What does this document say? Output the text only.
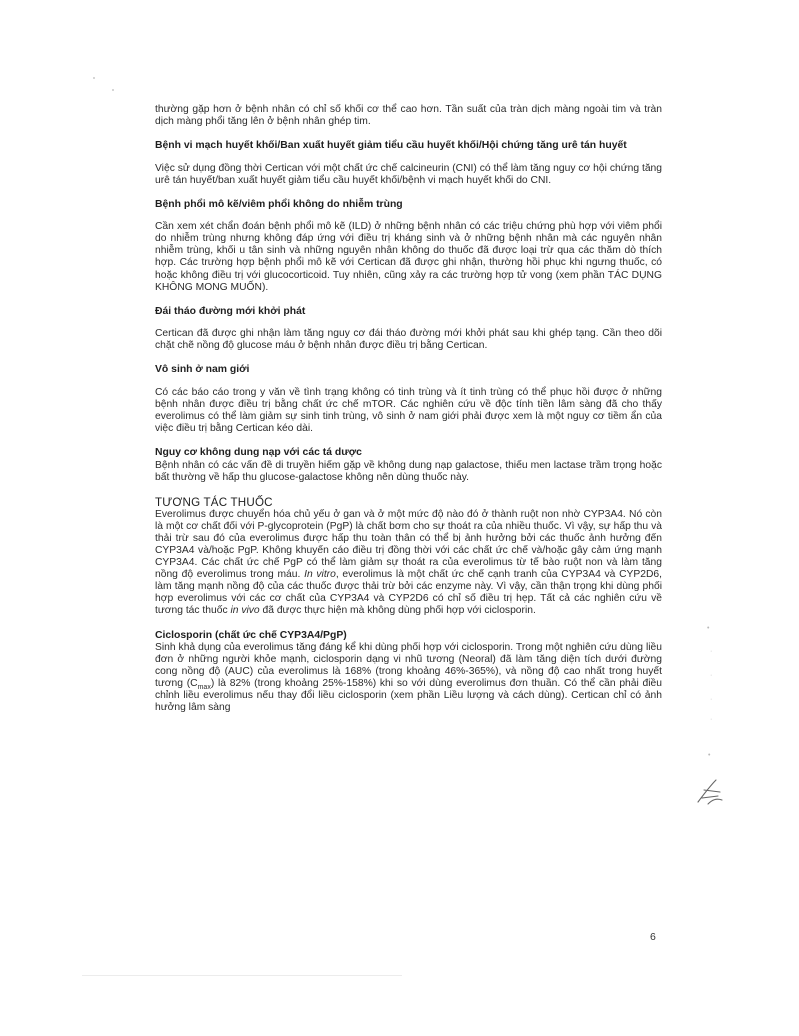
•
·
·
·
·
•

thường gặp hơn ở bệnh nhân có chỉ số khối cơ thể cao hơn. Tần suất của tràn dịch màng ngoài tim và tràn dịch màng phổi tăng lên ở bệnh nhân ghép tim.

Bệnh vi mạch huyết khối/Ban xuất huyết giảm tiểu cầu huyết khối/Hội chứng tăng urê tán huyết

Việc sử dụng đồng thời Certican với một chất ức chế calcineurin (CNI) có thể làm tăng nguy cơ hội chứng tăng urê tán huyết/ban xuất huyết giảm tiểu cầu huyết khối/bệnh vi mạch huyết khối do CNI.

Bệnh phổi mô kẽ/viêm phổi không do nhiễm trùng

Cần xem xét chẩn đoán bệnh phổi mô kẽ (ILD) ở những bệnh nhân có các triệu chứng phù hợp với viêm phổi do nhiễm trùng nhưng không đáp ứng với điều trị kháng sinh và ở những bệnh nhân mà các nguyên nhân nhiễm trùng, khối u tân sinh và những nguyên nhân không do thuốc đã được loại trừ qua các thăm dò thích hợp. Các trường hợp bệnh phổi mô kẽ với Certican đã được ghi nhận, thường hồi phục khi ngưng thuốc, có hoặc không điều trị với glucocorticoid. Tuy nhiên, cũng xảy ra các trường hợp tử vong (xem phần TÁC DỤNG KHÔNG MONG MUỐN).

Đái tháo đường mới khởi phát

Certican đã được ghi nhận làm tăng nguy cơ đái tháo đường mới khởi phát sau khi ghép tạng. Cần theo dõi chặt chẽ nồng độ glucose máu ở bệnh nhân được điều trị bằng Certican.

Vô sinh ở nam giới

Có các báo cáo trong y văn về tình trạng không có tinh trùng và ít tinh trùng có thể phục hồi được ở những bệnh nhân được điều trị bằng chất ức chế mTOR. Các nghiên cứu về độc tính tiền lâm sàng đã cho thấy everolimus có thể làm giảm sự sinh tinh trùng, vô sinh ở nam giới phải được xem là một nguy cơ tiềm ẩn của việc điều trị bằng Certican kéo dài.

Nguy cơ không dung nạp với các tá dược

Bệnh nhân có các vấn đề di truyền hiếm gặp về không dung nạp galactose, thiếu men lactase trầm trọng hoặc bất thường về hấp thu glucose-galactose không nên dùng thuốc này.

TƯƠNG TÁC THUỐC

Everolimus được chuyển hóa chủ yếu ở gan và ở một mức độ nào đó ở thành ruột non nhờ CYP3A4. Nó còn là một cơ chất đối với P-glycoprotein (PgP) là chất bơm cho sự thoát ra của nhiều thuốc. Vì vậy, sự hấp thu và thải trừ sau đó của everolimus được hấp thu toàn thân có thể bị ảnh hưởng bởi các thuốc ảnh hưởng đến CYP3A4 và/hoặc PgP. Không khuyến cáo điều trị đồng thời với các chất ức chế và/hoặc gây cảm ứng mạnh CYP3A4. Các chất ức chế PgP có thể làm giảm sự thoát ra của everolimus từ tế bào ruột non và làm tăng nồng độ everolimus trong máu. In vitro, everolimus là một chất ức chế cạnh tranh của CYP3A4 và CYP2D6, làm tăng mạnh nồng độ của các thuốc được thải trừ bởi các enzyme này. Vì vậy, cần thận trọng khi dùng phối hợp everolimus với các cơ chất của CYP3A4 và CYP2D6 có chỉ số điều trị hẹp. Tất cả các nghiên cứu về tương tác thuốc in vivo đã được thực hiện mà không dùng phối hợp với ciclosporin.

Ciclosporin (chất ức chế CYP3A4/PgP)

Sinh khả dụng của everolimus tăng đáng kể khi dùng phối hợp với ciclosporin. Trong một nghiên cứu dùng liều đơn ở những người khỏe mạnh, ciclosporin dạng vi nhũ tương (Neoral) đã làm tăng diện tích dưới đường cong nồng độ (AUC) của everolimus là 168% (trong khoảng 46%-365%), và nồng độ cao nhất trong huyết tương $(C_{max})$ là 82% (trong khoảng 25%-158%) khi so với dùng everolimus đơn thuần. Có thể cần phải điều chỉnh liều everolimus nếu thay đổi liều ciclosporin (xem phần Liều lượng và cách dùng). Certican chỉ có ảnh hưởng lâm sàng

6
